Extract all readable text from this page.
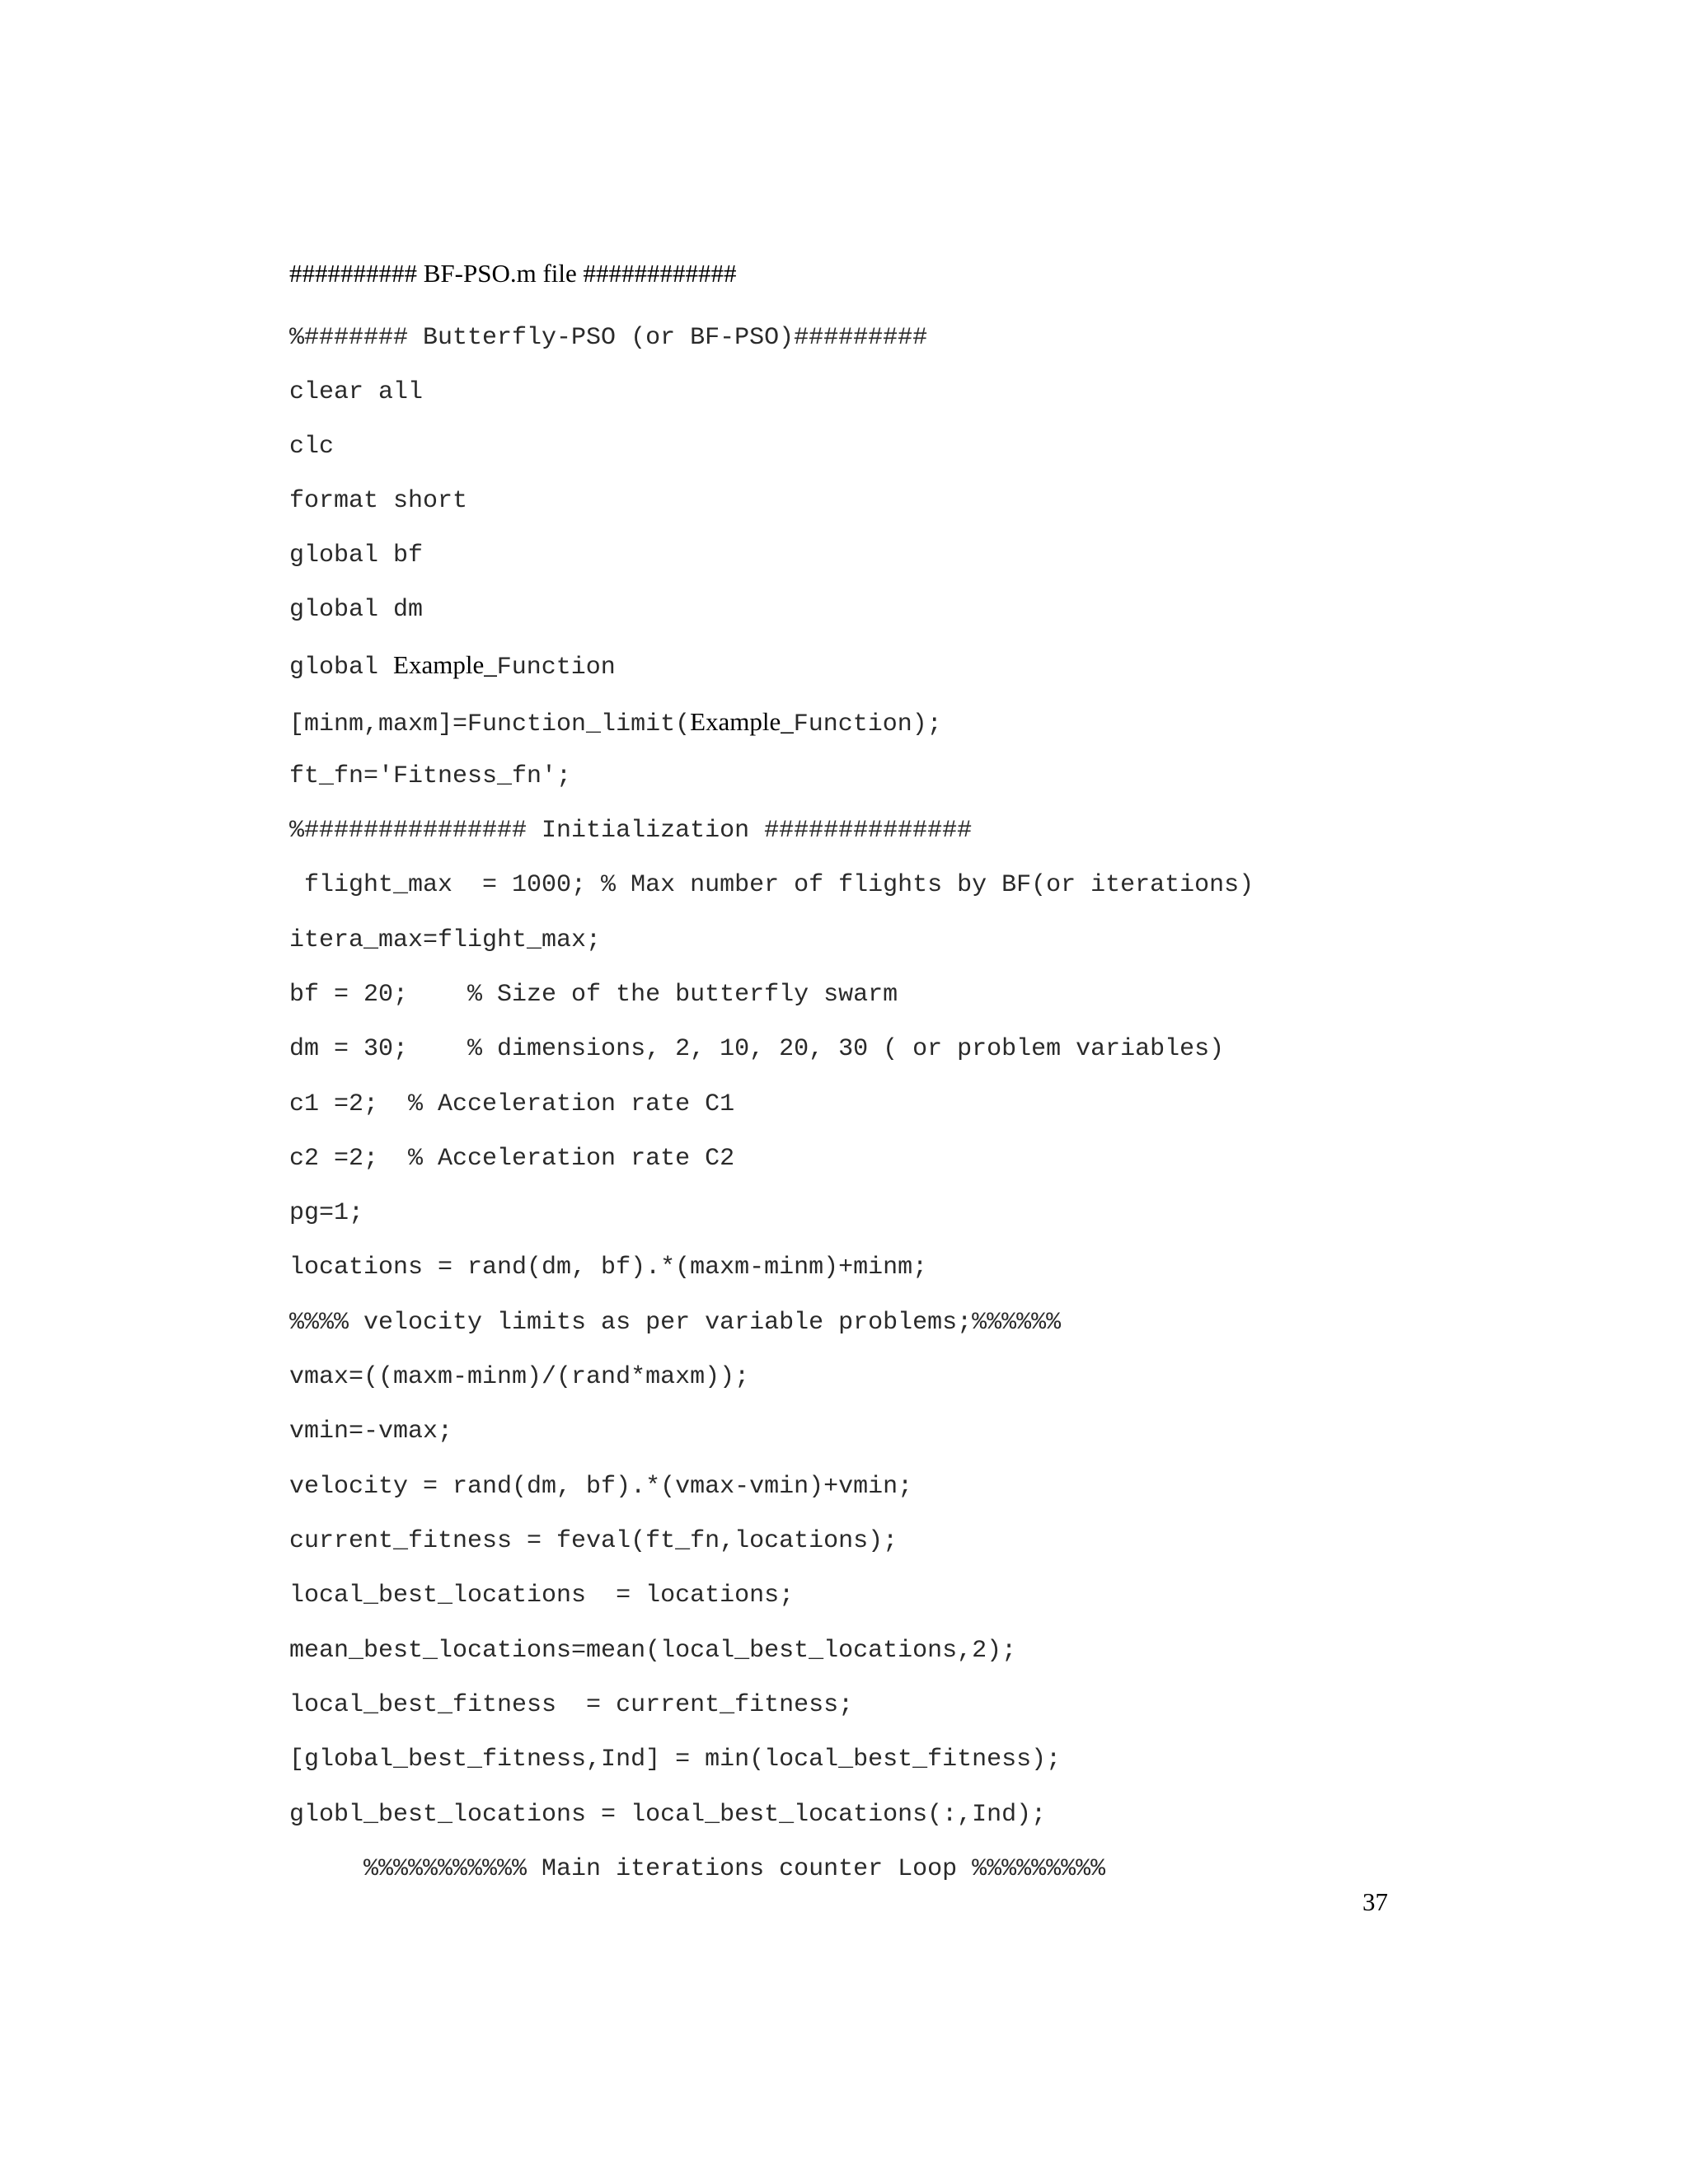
########## BF-PSO.m file ############
%####### Butterfly-PSO (or BF-PSO)#########
clear all
clc
format short
global bf
global dm
global Example_Function
[minm,maxm]=Function_limit(Example_Function);
ft_fn='Fitness_fn';
%############### Initialization ##############
flight_max  = 1000; % Max number of flights by BF(or iterations)
itera_max=flight_max;
bf = 20;    % Size of the butterfly swarm
dm = 30;    % dimensions, 2, 10, 20, 30 ( or problem variables)
c1 =2;  % Acceleration rate C1
c2 =2;  % Acceleration rate C2
pg=1;
locations = rand(dm, bf).*(maxm-minm)+minm;
%%%% velocity limits as per variable problems;%%%%%%
vmax=((maxm-minm)/(rand*maxm));
vmin=-vmax;
velocity = rand(dm, bf).*(vmax-vmin)+vmin;
current_fitness = feval(ft_fn,locations);
local_best_locations  = locations;
mean_best_locations=mean(local_best_locations,2);
local_best_fitness  = current_fitness;
[global_best_fitness,Ind] = min(local_best_fitness);
globl_best_locations = local_best_locations(:,Ind);
%%%%%%%%%%% Main iterations counter Loop %%%%%%%%%
37
